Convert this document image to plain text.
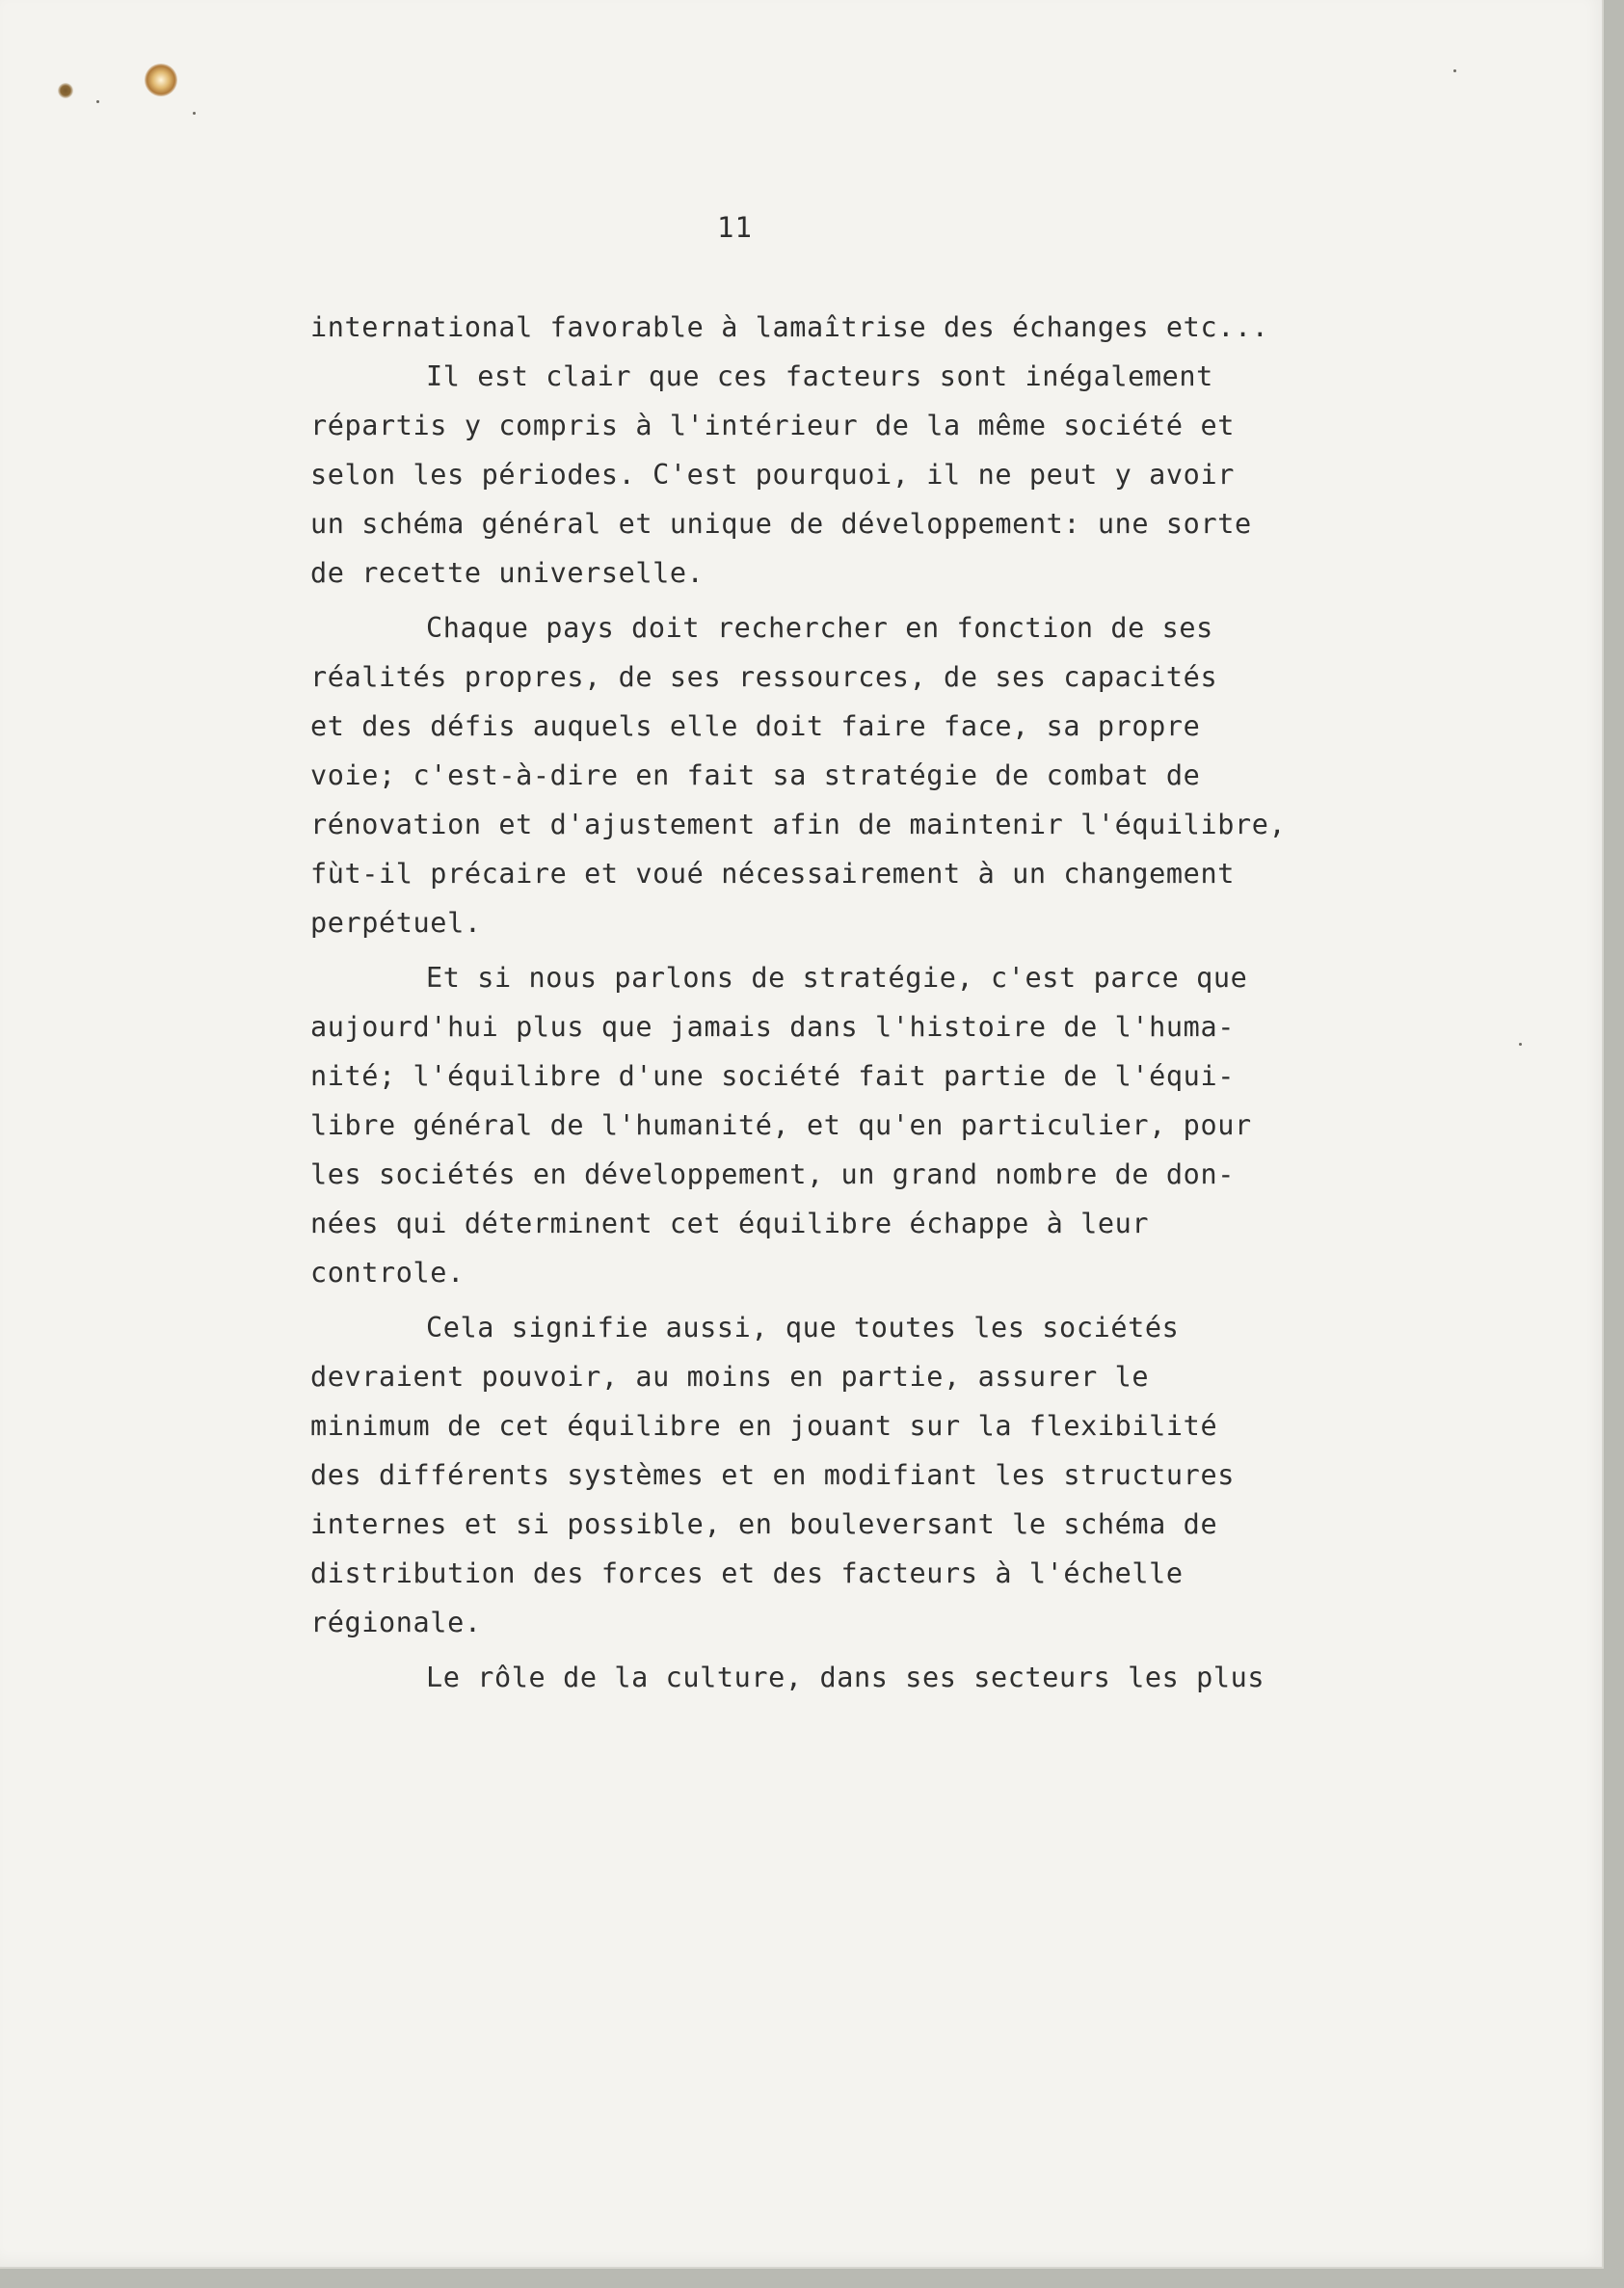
11
international favorable à lamaîtrise des échanges etc...
Il est clair que ces facteurs sont inégalement
répartis y compris à l'intérieur de la même société et
selon les périodes. C'est pourquoi, il ne peut y avoir
un schéma général et unique de développement: une sorte
de recette universelle.
Chaque pays doit rechercher en fonction de ses
réalités propres, de ses ressources, de ses capacités
et des défis auquels elle doit faire face, sa propre
voie; c'est-à-dire en fait sa stratégie de combat de
rénovation et d'ajustement afin de maintenir l'équilibre,
fùt-il précaire et voué nécessairement à un changement
perpétuel.
Et si nous parlons de stratégie, c'est parce que
aujourd'hui plus que jamais dans l'histoire de l'huma-
nité; l'équilibre d'une société fait partie de l'équi-
libre général de l'humanité, et qu'en particulier, pour
les sociétés en développement, un grand nombre de don-
nées qui déterminent cet équilibre échappe à leur
controle.
Cela signifie aussi, que toutes les sociétés
devraient pouvoir, au moins en partie, assurer le
minimum de cet équilibre en jouant sur la flexibilité
des différents systèmes et en modifiant les structures
internes et si possible, en bouleversant le schéma de
distribution des forces et des facteurs à l'échelle
régionale.
Le rôle de la culture, dans ses secteurs les plus
